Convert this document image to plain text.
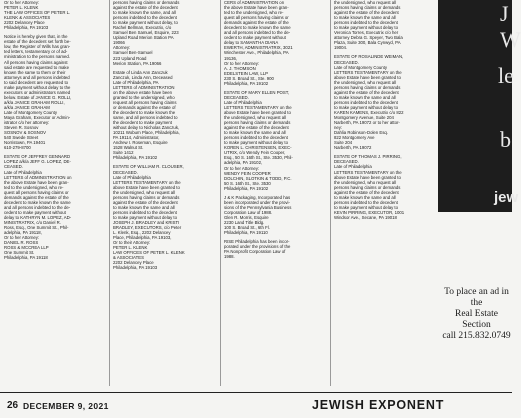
Or to her Attorney:
PETER L. KLENK
THE LAW OFFICES OF PETER L.
KLENK & ASSOCIATES
2202 Delancey Place
Philadelphia, PA 19103

Notice is hereby given that, in the
estate of the decedent set forth be-
low, the Register of Wills has gran-
ted letters, testamentary or of ad-
ministration to the persons named.
All persons having claims against
said estate are requested to make
known the same to them or their
attorneys and all persons indebted
to said decedent are requested to
make payment without delay to the
executors or administrators named
below. Estate of JANICE G. ROLLI,
a/k/a JANICE GRAHAM ROLLI,
a/k/a JANICE GRAHAM
Late of Montgomery County
Maya Graham, Executor or Admin-
istrator c/o her attorney:
Steven R. Sosnov
SOSNOV & SOSNOV
540 Swede Street
Norristown, PA 19401
610-279-8700

ESTATE OF JEFFREY GENNARD
LOPEZ a/k/a JEFF G. LOPEZ, DE-
CEASED.
Late of Philadelphia
LETTERS of ADMINISTRATION on
the above Estate have been gran-
ted to the undersigned, who re-
quest all persons having claims or
demands against the estate of the
decedent to make known the same
and all persons indebted to the de-
cedent to make payment without
delay to KATHRYN M. LOPEZ, AD-
MINISTRATRIX, c/o Daniel R.
Ross, Esq., One Summit St., Phil-
adelphia, PA 19118,
Or to her Attorney:
DANIEL R. ROSS
ROSS & MCCREA LLP
One Summit St.
Philadelphia, PA 19118

persons having claims or demands
against the estate of the decedent
to make known the same, and all
persons indebted to the decedent
to make payment without delay, to
Rachel Bellman, Executrix, c/o
Samuel Ben Samuel, Esquire, 223
Upland Road Merion Station PA
19066
Attorney:
Samuel Ben-Samuel
223 Upland Road
Merion Station, PA 19066

Estate of Linda Ann Zanczuk
Zanczuk, Linda Ann, Deceased
Late of Philadelphia, PA
LETTERS of ADMINISTRATION
on the above estate have been
granted to the undersigned, who
request all persons having claims
or demands against the estate of
the decedent to make known the
same, and all persons indebted to
the decedent to make payment
without delay to Nicholas Zanczuk,
10211 Woburn Place, Philadelphia,
PA 19114, Administrator,
Andrew I. Roseman, Esquire
1528 Walnut St.
Suite 1412
Philadelphia, PA 19102

ESTATE OF WILLIAM R. CLOUSER,
DECEASED.
Late of Philadelphia
LETTERS TESTAMENTARY on the
above Estate have been granted to
the undersigned, who request all
persons having claims or demands
against the estate of the decedent
to make known the same and all
persons indebted to the decedent
to make payment without delay to
JOSEPH J. BRADLEY and KRISTI
BRADLEY, EXECUTORS, c/o Peter
L. Klenk, Esq., 2202 Delancey
Place, Philadelphia, PA 19103,
Or to their Attorney:
PETER L. KLENK
LAW OFFICES OF PETER L. KLENK
& ASSOCIATES
2202 Delancey Place
Philadelphia, PA 19103

CERS of ADMINISTRATION on
the above Estate have been gran-
ted to the undersigned, who re-
quest all persons having claims or
demands against the estate of the
decedent to make known the same
and all persons indebted to the de-
cedent to make payment without
delay to SAMANTHA DIANA
EWERTH, ADMINISTRATRIX, 3021
Winchester Ave., Philadelphia, PA
19136,
Or to her Attorney:
A. J. THOMSON
EDELSTEIN LAW, LLP
230 S. Broad St., Ste. 900
Philadelphia, PA 19102

ESTATE OF MARY ELLEN POST,
DECEASED.
Late of Philadelphia
LETTERS TESTAMENTARY on the
above Estate have been granted to
the undersigned, who request all
persons having claims or demands
against the estate of the decedent
to make known the same and all
persons indebted to the decedent
to make payment without delay to
KOREN L. CHRISTENSEN, EXEC-
UTRIX, c/o Wendy Fein Cooper,
Esq., 50 S. 16th St., Ste. 3530, Phil-
adelphia, PA 19102,
Or to her Attorney:
WENDY FEIN COOPER
DOLCHIN, SLOTKIN & TODD, P.C.
50 S. 16th St., Ste. 3530
Philadelphia, PA 19102

J & K Packaging, Incorporated has
been incorporated under the provi-
sions of the Pennsylvania Business
Corporation Law of 1988.
Glen R. Morris, Esquire
2230 Land Title Bldg.
100 S. Broad St., 6th Fl.
Philadelphia, PA 19110

RISE Philadelphia has been incor-
porated under the provisions of the
PA Nonprofit Corporation Law of
1988.

the undersigned, who request all
persons having claims or demands
against the estate of the decedent
to make known the same and all
persons indebted to the decedent
to make payment without delay to
Veronica Torres, Executrix c/o her
attorney Debra G. Speyer, Two Bala
Plaza, Suite 300, Bala Cynwyd, PA
19004.

ESTATE OF ROSALINDE WEIMAN,
DECEASED.
Late of Montgomery County
LETTERS TESTAMENTARY on the
above Estate have been granted to
the undersigned, who request all
persons having claims or demands
against the estate of the decedent
to make known the same and all
persons indebted to the decedent
to make payment without delay to
KAREN KAMENS, Executrix c/o 822
Montgomery Avenue, Suite 204
Narberth, PA 19072 or to her attor-
ney:
Dahlia Robinson-Dolen Esq.
822 Montgomery Ave
Suite 204
Narberth, PA 19072

ESTATE OF THOMAS J. PIRRING,
DECEASED.
Late of Philadelphia
LETTERS TESTAMENTARY on the
above Estate have been granted to
the undersigned, who request all
persons having claims or demands
against the estate of the decedent
to make known the same and all
persons indebted to the decedent
to make payment without delay to
KEVIN PIRRING, EXECUTOR, 1001
Windsor Ave., Secane, PA 19018

J
W
le
b
jew
To place an ad in the
Real Estate Section
call 215.832.0749
26 DECEMBER 9, 2021	JEWISH EXPONENT
